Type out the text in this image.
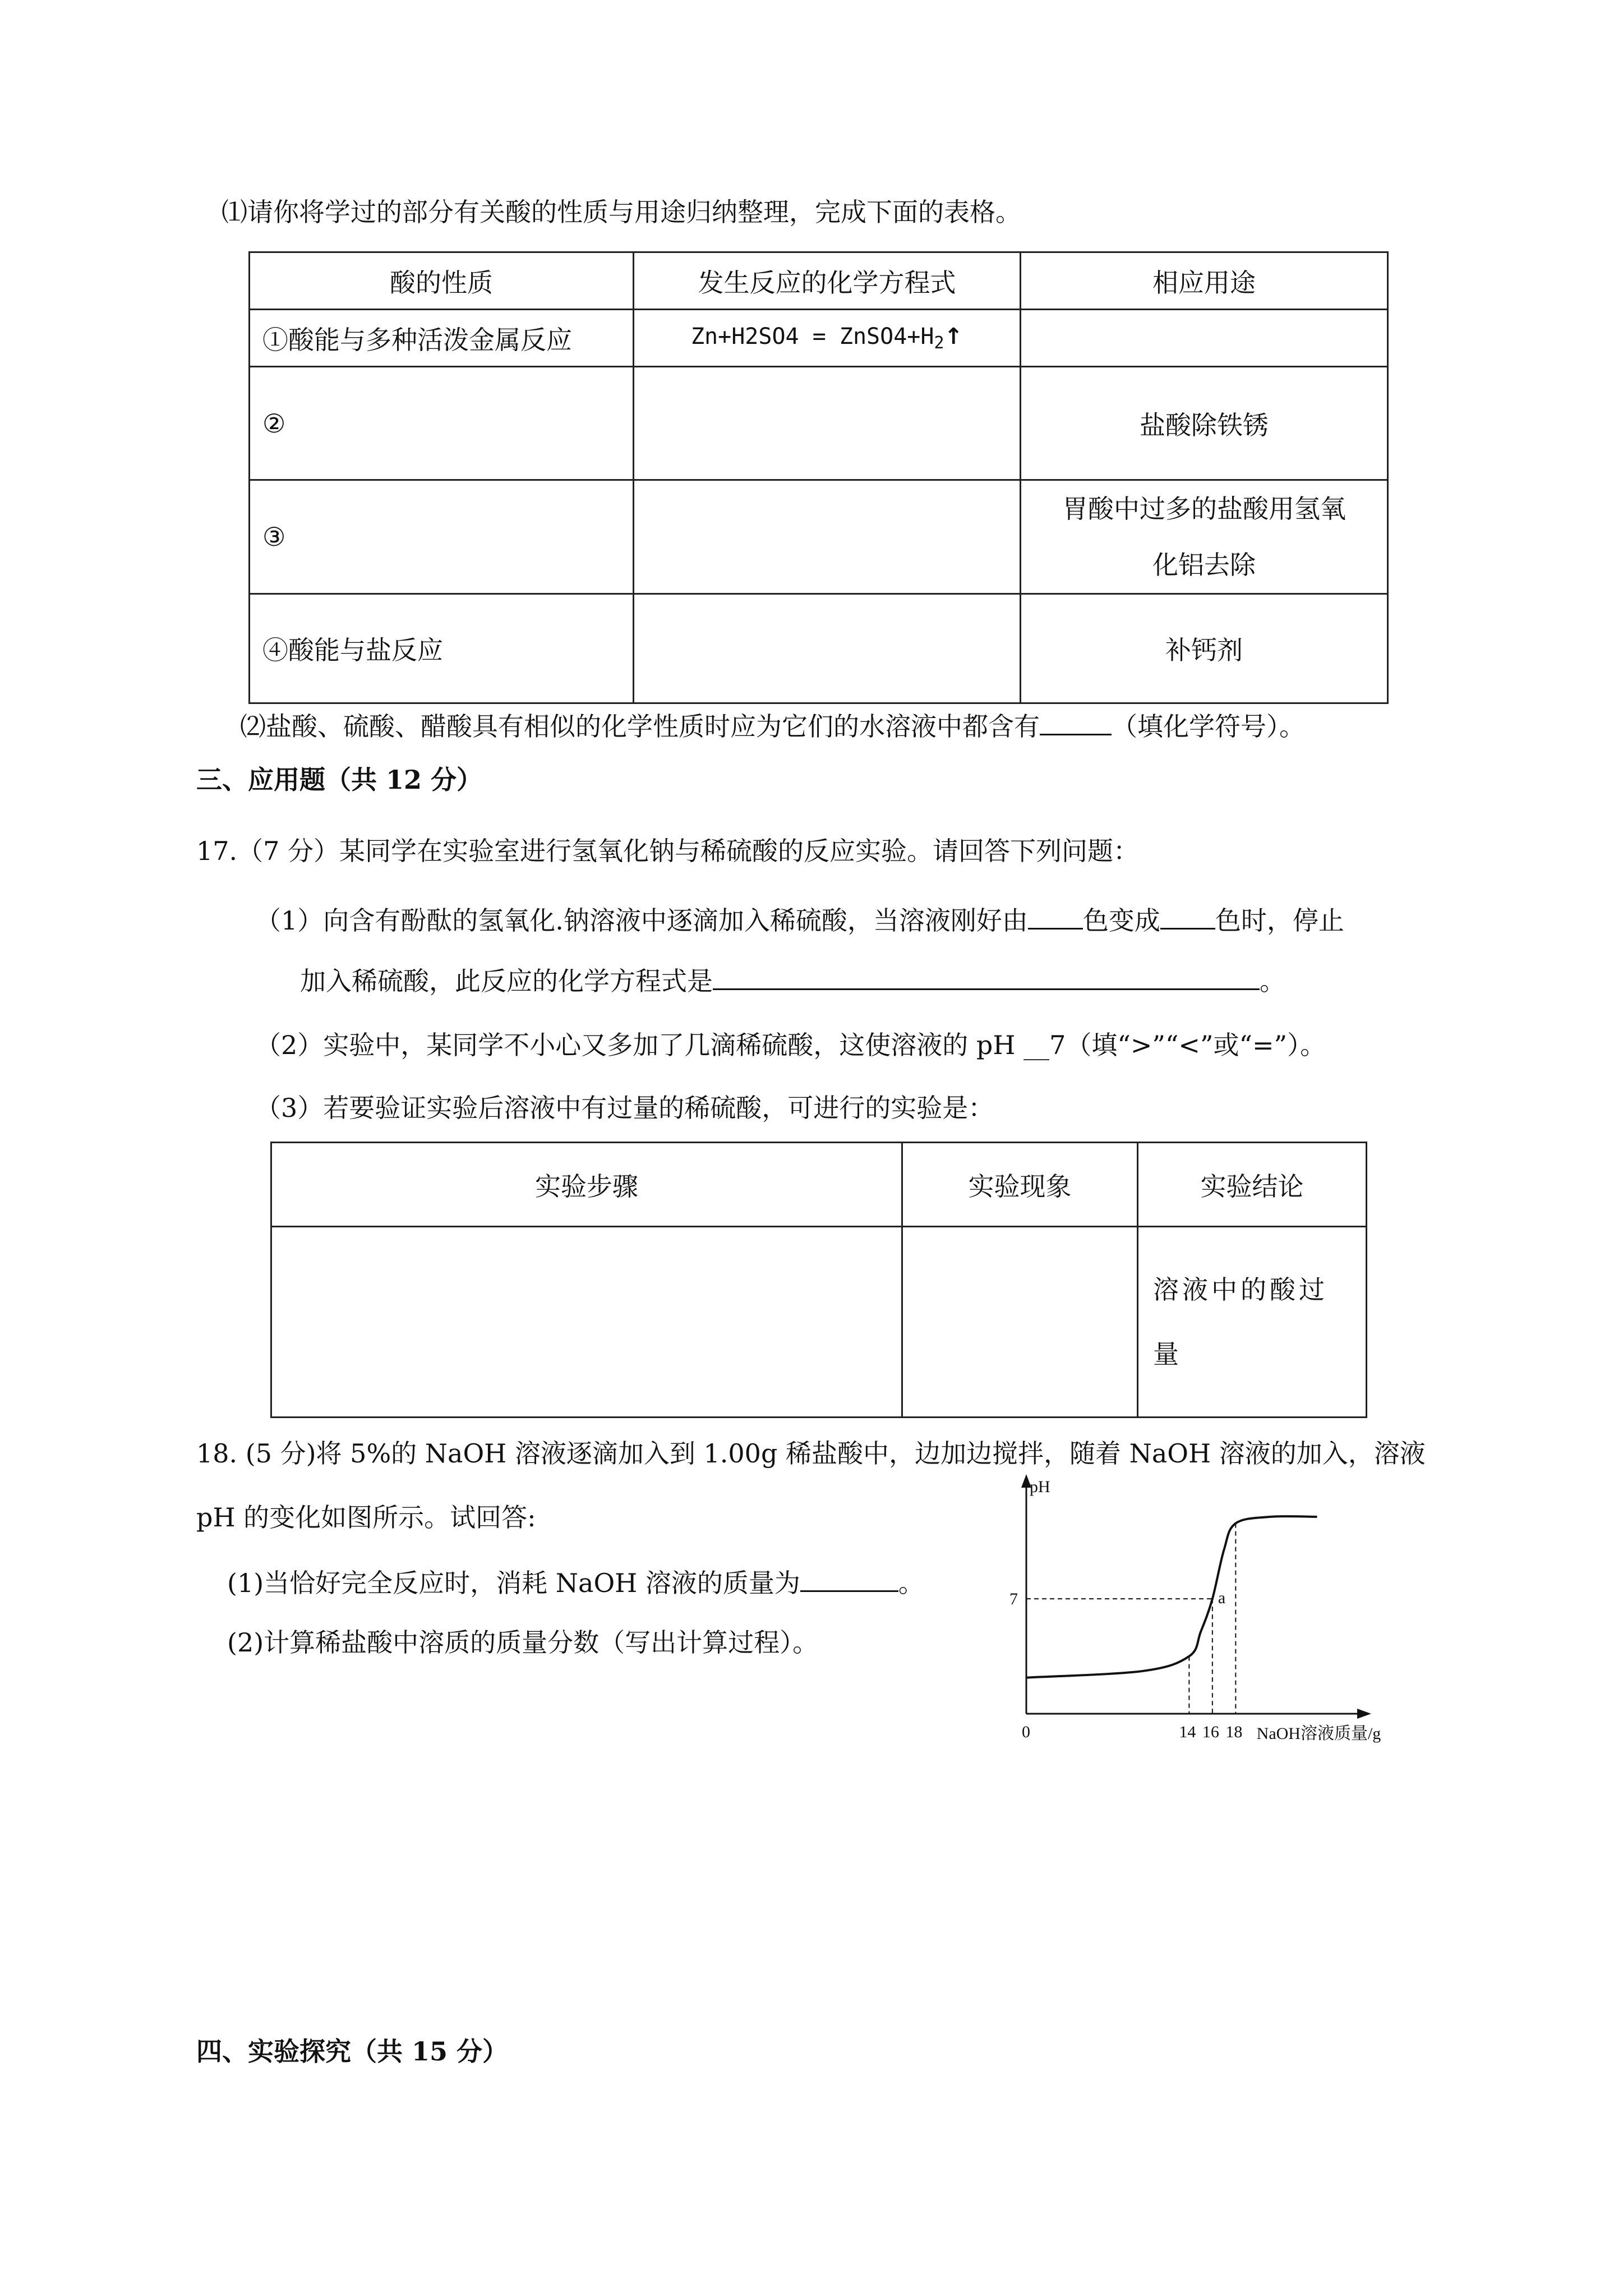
⑴请你将学过的部分有关酸的性质与用途归纳整理，完成下面的表格。
酸的性质	发生反应的化学方程式	相应用途
①酸能与多种活泼金属反应	$Zn+H2SO4 = ZnSO4+H_2↑$	
②		盐酸除铁锈
③		胃酸中过多的盐酸用氢氧
化铝去除

④酸能与盐反应		补钙剂
⑵盐酸、硫酸、醋酸具有相似的化学性质时应为它们的水溶液中都含有	（填化学符号）。
三、应用题（共 12 分）
17.（7 分）某同学在实验室进行氢氧化钠与稀硫酸的反应实验。请回答下列问题：
（1）向含有酚酞的氢氧化.钠溶液中逐滴加入稀硫酸，当溶液刚好由 色变成 色时，停止
加入稀硫酸，此反应的化学方程式是	。
（2）实验中，某同学不小心又多加了几滴稀硫酸，这使溶液的 pH __7（填“>”“<”或“=”）。
（3）若要验证实验后溶液中有过量的稀硫酸，可进行的实验是：
实验步骤	实验现象	实验结论

		溶液中的酸过
量
18. (5 分)将 5%的 NaOH 溶液逐滴加入到 1.00g 稀盐酸中，边加边搅拌，随着 NaOH 溶液的加入，溶液
pH 的变化如图所示。试回答:
(1)当恰好完全反应时，消耗 NaOH 溶液的质量为	。
(2)计算稀盐酸中溶质的质量分数（写出计算过程）。
pH
7
0	14 16 18
a
NaOH溶液质量/g
四、实验探究（共 15 分）
